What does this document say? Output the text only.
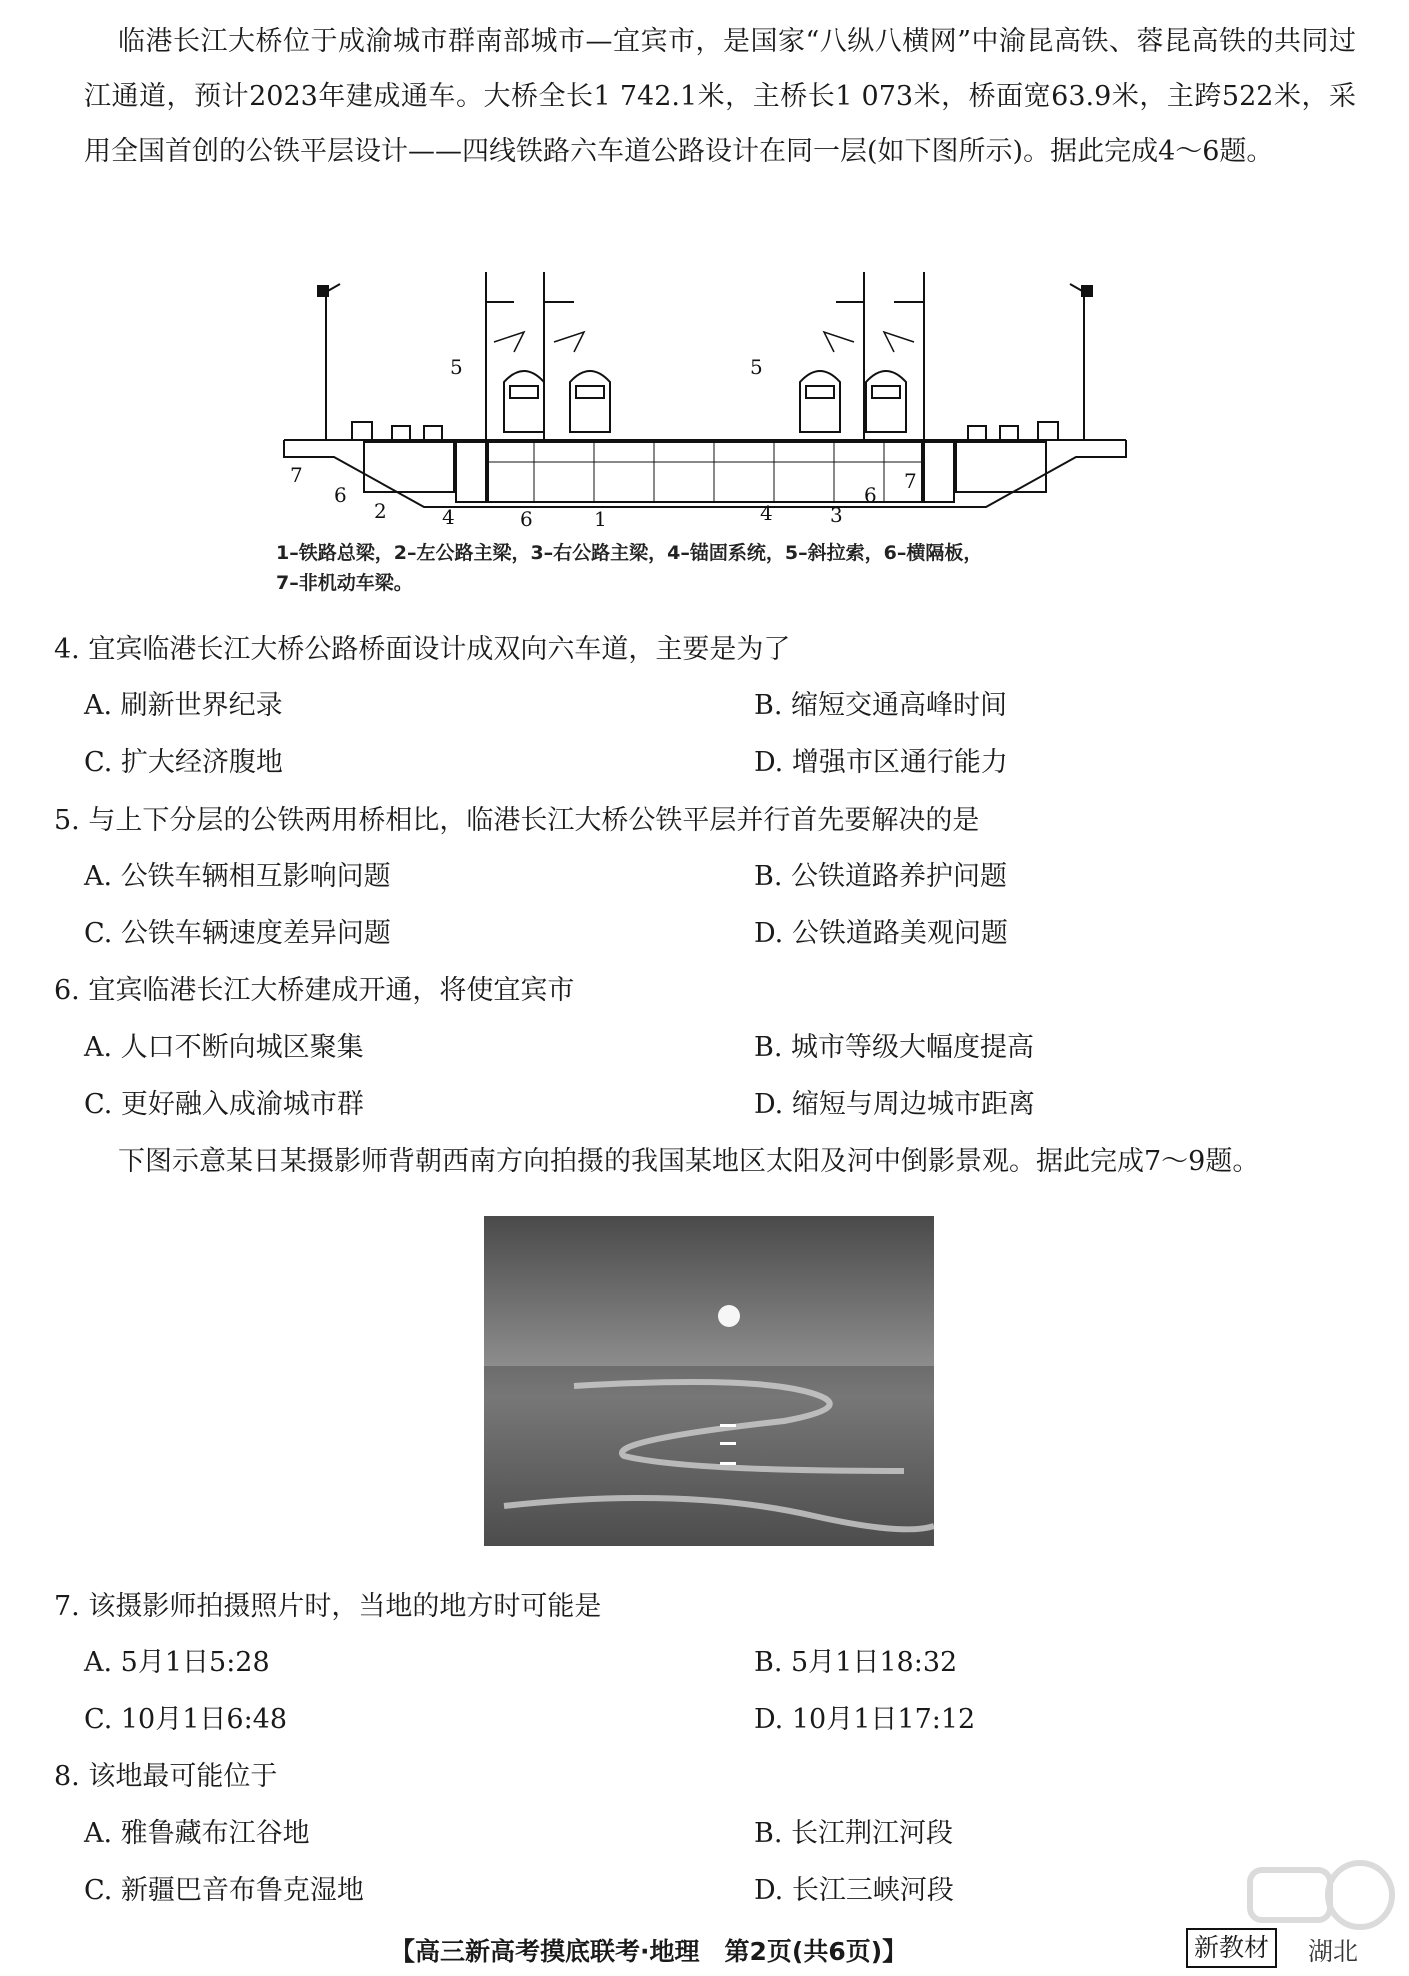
临港长江大桥位于成渝城市群南部城市—宜宾市，是国家“八纵八横网”中渝昆高铁、蓉昆高铁的共同过江通道，预计2023年建成通车。大桥全长1 742.1米，主桥长1 073米，桥面宽63.9米，主跨522米，采用全国首创的公铁平层设计——四线铁路六车道公路设计在同一层(如下图所示)。据此完成4～6题。
7
6
2	4	6	1	4	3
6
7
5	5
1–铁路总梁，2–左公路主梁，3–右公路主梁，4–锚固系统，5–斜拉索，6–横隔板，
7–非机动车梁。
4. 宜宾临港长江大桥公路桥面设计成双向六车道，主要是为了
A. 刷新世界纪录	B. 缩短交通高峰时间
C. 扩大经济腹地	D. 增强市区通行能力
5. 与上下分层的公铁两用桥相比，临港长江大桥公铁平层并行首先要解决的是
A. 公铁车辆相互影响问题	B. 公铁道路养护问题
C. 公铁车辆速度差异问题	D. 公铁道路美观问题
6. 宜宾临港长江大桥建成开通，将使宜宾市
A. 人口不断向城区聚集	B. 城市等级大幅度提高
C. 更好融入成渝城市群	D. 缩短与周边城市距离
下图示意某日某摄影师背朝西南方向拍摄的我国某地区太阳及河中倒影景观。据此完成7～9题。
7. 该摄影师拍摄照片时，当地的地方时可能是
A. 5月1日5:28	B. 5月1日18:32
C. 10月1日6:48	D. 10月1日17:12
8. 该地最可能位于
A. 雅鲁藏布江谷地	B. 长江荆江河段
C. 新疆巴音布鲁克湿地	D. 长江三峡河段
【高三新高考摸底联考·地理　第2页(共6页)】	新教材	湖北
